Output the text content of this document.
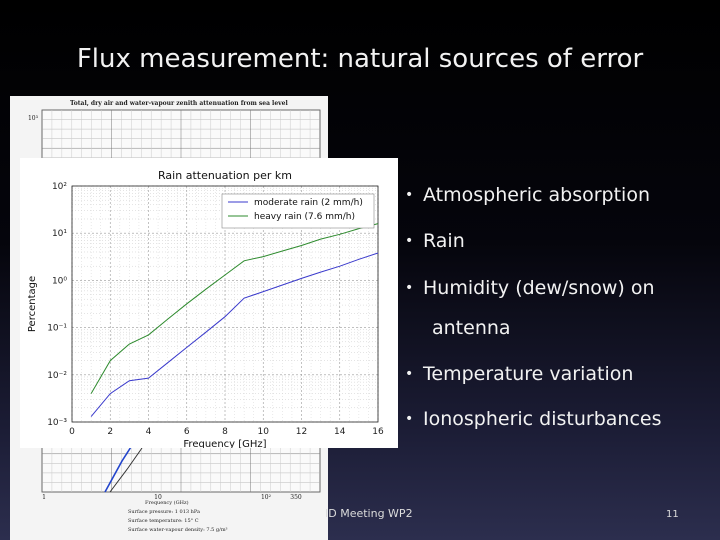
Flux measurement: natural sources of error
10³
1	10	10²	350
Total, dry air and water-vapour zenith attenuation from sea level
Frequency (GHz)
Surface pressure: 1 013 hPa
Surface temperature: 15° C
Surface water-vapour density: 7.5 g/m³
Rain attenuation per km
10⁻³
10⁻²
10⁻¹
10⁰
10¹
10²
0	2	4	6	8	10	12	14	16
Frequency [GHz]
Percentage
moderate rain (2 mm/h)
heavy rain (7.6 mm/h)
• Atmospheric absorption
• Rain
• Humidity (dew/snow) on
antenna
• Temperature variation
• Ionospheric disturbances
ID Meeting WP2	11
